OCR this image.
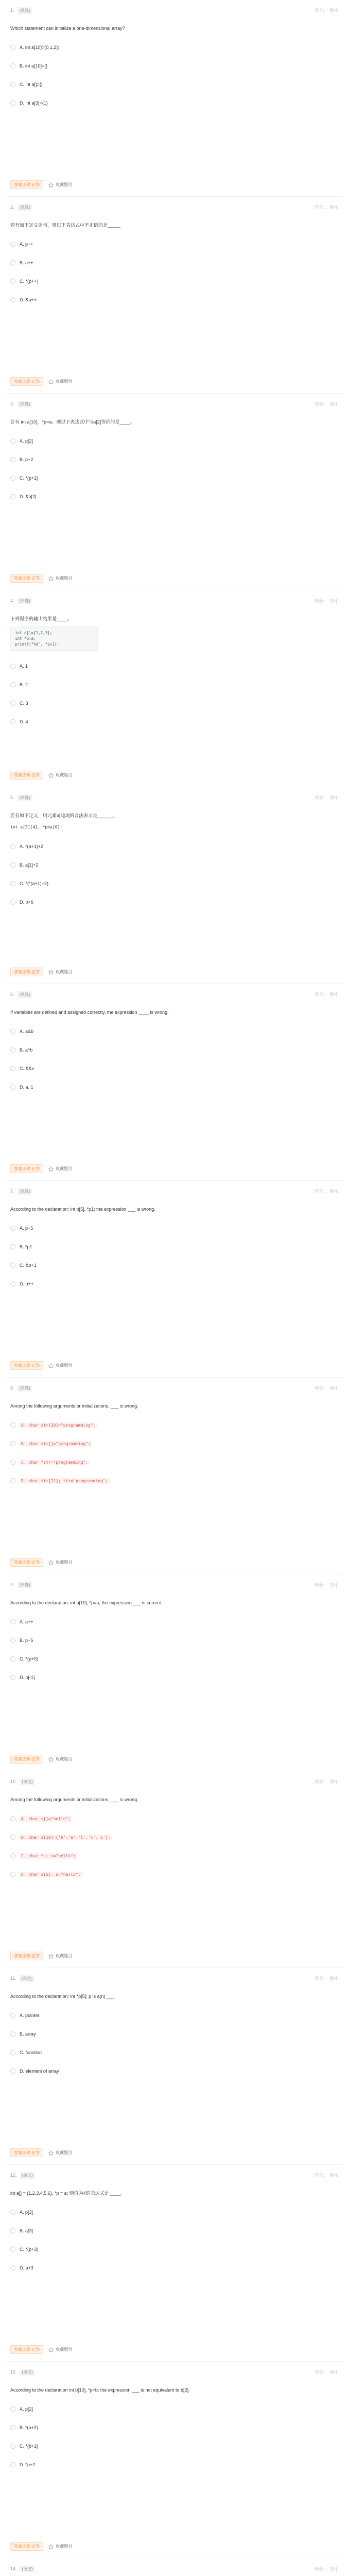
1.	(单选)	得分: 用时:
Which statement can initialize a one-dimensional array?
A. int a[10]={0,1,2};
B. int a[10]={}
C. int a[]={}
D. int a[3]={1}
答案正确 正答	收藏题目
2.	(单选)	得分: 用时:
若有如下定义语句，则以下表达式中不正确的是_____
A. p++
B. a++
C. *(p++)
D. &a++
答案正确 正答	收藏题目
3.	(单选)	得分: 用时:
若有 int a[10]，*p=a；则以下表达式中与a[2]等价的是____。
A. p[2]
B. p+2
C. *(p+2)
D. &a[2]
答案正确 正答	收藏题目
4.	(单选)	得分: 用时:
下列程序的输出结果是____。
int a[]={1,2,3};
int *p=a;
printf("%d", *p+1);
A. 1
B. 2
C. 3
D. 4
答案正确 正答	收藏题目
5.	(单选)	得分: 用时:
若有如下定义，则元素a[1][2]的合法表示是______。
int a[3][4], *p=a[0];
A. *(a+1)+2
B. a[1]+2
C. *(*(a+1)+2)
D. p+6
答案正确 正答	收藏题目
6.	(单选)	得分: 用时:
If variables are defined and assigned correctly, the expression ____ is wrong.
A. a&b
B. a^b
C. &&x
D. a, 1
答案正确 正答	收藏题目
7.	(单选)	得分: 用时:
According to the declaration: int p[5], *p1; the expression ___ is wrong.
A. p+5
B. *p1
C. &p+1
D. p++
答案正确 正答	收藏题目
8.	(单选)	得分: 用时:
Among the following arguments or initializations, ___ is wrong.
A. char str[20]="programming";
B. char str[]="programming";
C. char *str="programming";
D. char str[11]; str="programming";
答案正确 正答	收藏题目
9.	(单选)	得分: 用时:
According to the declaration: int a[10], *p=a; the expression ___ is correct.
A. a++
B. p+5
C. *(p+5)
D. p[-1]
答案正确 正答	收藏题目
10.	(单选)	得分: 用时:
Among the following arguments or initializations, ___ is wrong.
A. char s[]="hello";
B. char s[10]={'h','e','l','l','o'};
C. char *s; s="hello";
D. char s[5]; s="hello";
答案正确 正答	收藏题目
11.	(单选)	得分: 用时:
According to the declaration: int *p[5]; p is a(n) ___.
A. pointer
B. array
C. function
D. element of array
答案正确 正答	收藏题目
12.	(单选)	得分: 用时:
int a[] = {1,2,3,4,5,6}, *p = a; 则值为4的表达式是 ____。
A. p[3]
B. a[3]
C. *(p+3)
D. a+3
答案正确 正答	收藏题目
13.	(单选)	得分: 用时:
According to the declaration int b[10], *p=b; the expression ___ is not equivalent to b[2].
A. p[2]
B. *(p+2)
C. *(b+2)
D. *p+2
答案正确 正答	收藏题目
14.	(单选)	得分: 用时:
